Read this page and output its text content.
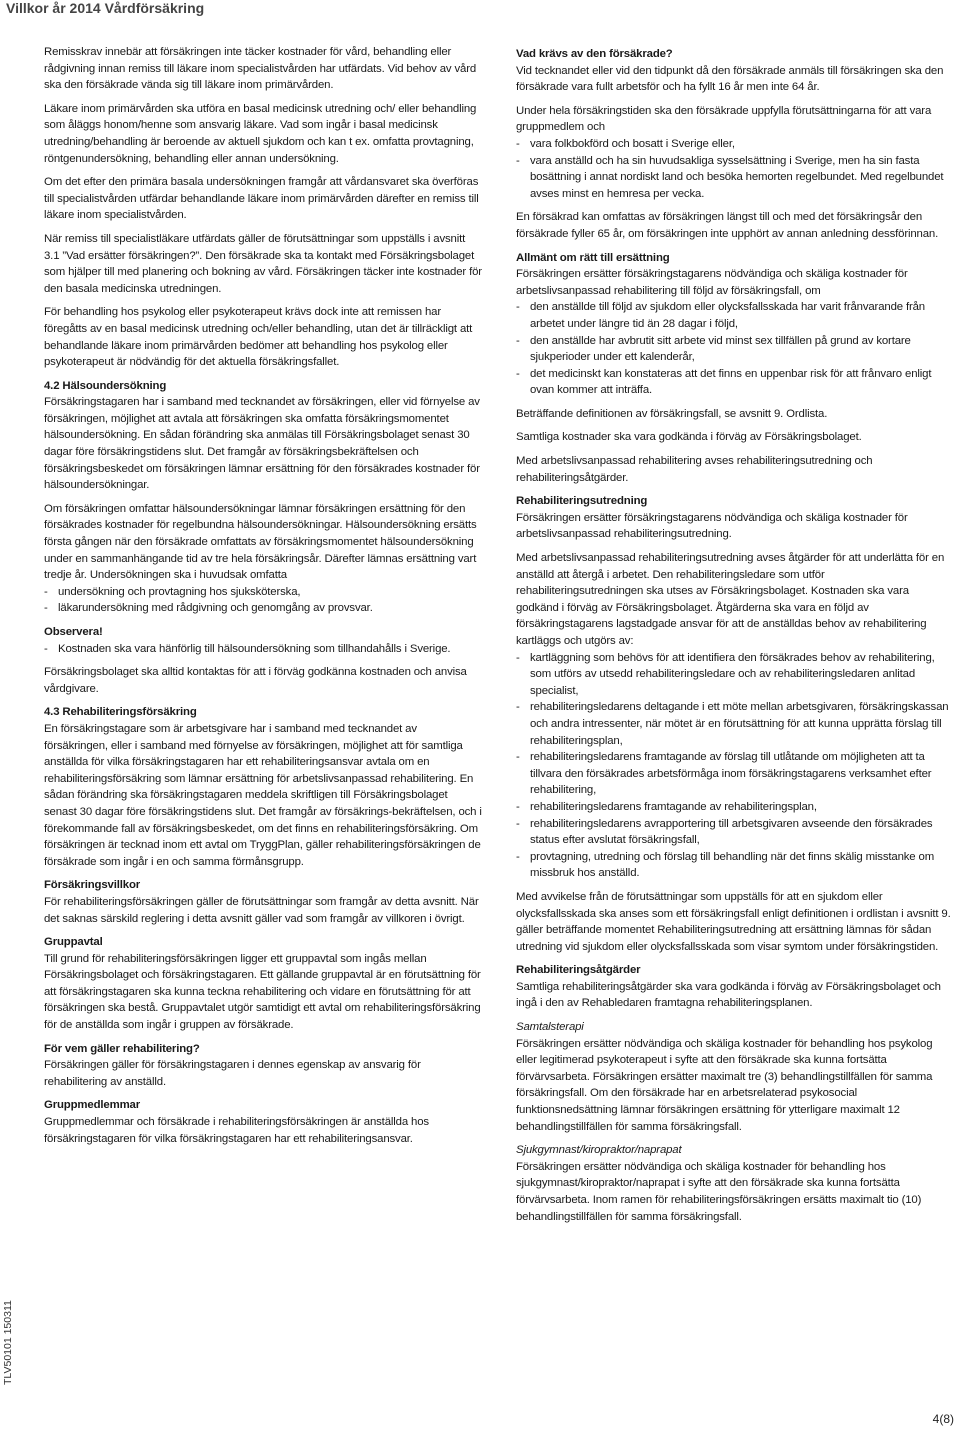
Villkor år 2014 Vårdförsäkring

Remisskrav innebär att försäkringen inte täcker kostnader för vård, behandling eller rådgivning innan remiss till läkare inom specialistvården har utfärdats. Vid behov av vård ska den försäkrade vända sig till läkare inom primärvården.

Läkare inom primärvården ska utföra en basal medicinsk utredning och/ eller behandling som åläggs honom/henne som ansvarig läkare. Vad som ingår i basal medicinsk utredning/behandling är beroende av aktuell sjukdom och kan t ex. omfatta provtagning, röntgenundersökning, behandling eller annan undersökning.

Om det efter den primära basala undersökningen framgår att vårdansvaret ska överföras till specialistvården utfärdar behandlande läkare inom primärvården därefter en remiss till läkare inom specialistvården.

När remiss till specialistläkare utfärdats gäller de förutsättningar som uppställs i avsnitt 3.1 ”Vad ersätter försäkringen?”. Den försäkrade ska ta kontakt med Försäkringsbolaget som hjälper till med planering och bokning av vård. Försäkringen täcker inte kostnader för den basala medicinska utredningen.

För behandling hos psykolog eller psykoterapeut krävs dock inte att remissen har föregåtts av en basal medicinsk utredning och/eller behandling, utan det är tillräckligt att behandlande läkare inom primärvården bedömer att behandling hos psykolog eller psykoterapeut är nödvändig för det aktuella försäkringsfallet.

4.2 Hälsoundersökning

Försäkringstagaren har i samband med tecknandet av försäkringen, eller vid förnyelse av försäkringen, möjlighet att avtala att försäkringen ska omfatta försäkringsmomentet hälsoundersökning. En sådan förändring ska anmälas till Försäkringsbolaget senast 30 dagar före försäkringstidens slut. Det framgår av försäkringsbekräftelsen och försäkringsbeskedet om försäkringen lämnar ersättning för den försäkrades kostnader för hälsoundersökningar.

Om försäkringen omfattar hälsoundersökningar lämnar försäkringen ersättning för den försäkrades kostnader för regelbundna hälsoundersökningar. Hälsoundersökning ersätts första gången när den försäkrade omfattats av försäkringsmomentet hälsoundersökning under en sammanhängande tid av tre hela försäkringsår. Därefter lämnas ersättning vart tredje år. Undersökningen ska i huvudsak omfatta

- undersökning och provtagning hos sjuksköterska,

- läkarundersökning med rådgivning och genomgång av provsvar.

Observera!

- Kostnaden ska vara hänförlig till hälsoundersökning som tillhandahålls i Sverige.

Försäkringsbolaget ska alltid kontaktas för att i förväg godkänna kostnaden och anvisa vårdgivare.

4.3 Rehabiliteringsförsäkring

En försäkringstagare som är arbetsgivare har i samband med tecknandet av försäkringen, eller i samband med förnyelse av försäkringen, möjlighet att för samtliga anställda för vilka försäkringstagaren har ett rehabiliteringsansvar avtala om en rehabiliteringsförsäkring som lämnar ersättning för arbetslivsanpassad rehabilitering. En sådan förändring ska försäkringstagaren meddela skriftligen till Försäkringsbolaget senast 30 dagar före försäkringstidens slut. Det framgår av försäkrings-bekräftelsen, och i förekommande fall av försäkringsbeskedet, om det finns en rehabiliteringsförsäkring. Om försäkringen är tecknad inom ett avtal om TryggPlan, gäller rehabiliteringsförsäkringen de försäkrade som ingår i en och samma förmånsgrupp.

Försäkringsvillkor

För rehabiliteringsförsäkringen gäller de förutsättningar som framgår av detta avsnitt. När det saknas särskild reglering i detta avsnitt gäller vad som framgår av villkoren i övrigt.

Gruppavtal

Till grund för rehabiliteringsförsäkringen ligger ett gruppavtal som ingås mellan Försäkringsbolaget och försäkringstagaren. Ett gällande gruppavtal är en förutsättning för att försäkringstagaren ska kunna teckna rehabilitering och vidare en förutsättning för att försäkringen ska bestå. Gruppavtalet utgör samtidigt ett avtal om rehabiliteringsförsäkring för de anställda som ingår i gruppen av försäkrade.

För vem gäller rehabilitering?

Försäkringen gäller för försäkringstagaren i dennes egenskap av ansvarig för rehabilitering av anställd.

Gruppmedlemmar

Gruppmedlemmar och försäkrade i rehabiliteringsförsäkringen är anställda hos försäkringstagaren för vilka försäkringstagaren har ett rehabiliteringsansvar.

Vad krävs av den försäkrade?

Vid tecknandet eller vid den tidpunkt då den försäkrade anmäls till försäkringen ska den försäkrade vara fullt arbetsför och ha fyllt 16 år men inte 64 år.

Under hela försäkringstiden ska den försäkrade uppfylla förutsättningarna för att vara gruppmedlem och

- vara folkbokförd och bosatt i Sverige eller,

- vara anställd och ha sin huvudsakliga sysselsättning i Sverige, men ha sin fasta bosättning i annat nordiskt land och besöka hemorten regelbundet. Med regelbundet avses minst en hemresa per vecka.

En försäkrad kan omfattas av försäkringen längst till och med det försäkringsår den försäkrade fyller 65 år, om försäkringen inte upphört av annan anledning dessförinnan.

Allmänt om rätt till ersättning

Försäkringen ersätter försäkringstagarens nödvändiga och skäliga kostnader för arbetslivsanpassad rehabilitering till följd av försäkringsfall, om

- den anställde till följd av sjukdom eller olycksfallsskada har varit frånvarande från arbetet under längre tid än 28 dagar i följd,

- den anställde har avbrutit sitt arbete vid minst sex tillfällen på grund av kortare sjukperioder under ett kalenderår,

- det medicinskt kan konstateras att det finns en uppenbar risk för att frånvaro enligt ovan kommer att inträffa.

Beträffande definitionen av försäkringsfall, se avsnitt 9. Ordlista.

Samtliga kostnader ska vara godkända i förväg av Försäkringsbolaget.

Med arbetslivsanpassad rehabilitering avses rehabiliteringsutredning och rehabiliteringsåtgärder.

Rehabiliteringsutredning

Försäkringen ersätter försäkringstagarens nödvändiga och skäliga kostnader för arbetslivsanpassad rehabiliteringsutredning.

Med arbetslivsanpassad rehabiliteringsutredning avses åtgärder för att underlätta för en anställd att återgå i arbetet. Den rehabiliteringsledare som utför rehabiliteringsutredningen ska utses av Försäkringsbolaget. Kostnaden ska vara godkänd i förväg av Försäkringsbolaget. Åtgärderna ska vara en följd av försäkringstagarens lagstadgade ansvar för att de anställdas behov av rehabilitering kartläggs och utgörs av:

- kartläggning som behövs för att identifiera den försäkrades behov av rehabilitering, som utförs av utsedd rehabiliteringsledare och av rehabiliteringsledaren anlitad specialist,

- rehabiliteringsledarens deltagande i ett möte mellan arbetsgivaren, försäkringskassan och andra intressenter, när mötet är en förutsättning för att kunna upprätta förslag till rehabiliteringsplan,

- rehabiliteringsledarens framtagande av förslag till utlåtande om möjligheten att ta tillvara den försäkrades arbetsförmåga inom försäkringstagarens verksamhet efter rehabilitering,

- rehabiliteringsledarens framtagande av rehabiliteringsplan,

- rehabiliteringsledarens avrapportering till arbetsgivaren avseende den försäkrades status efter avslutat försäkringsfall,

- provtagning, utredning och förslag till behandling när det finns skälig misstanke om missbruk hos anställd.

Med avvikelse från de förutsättningar som uppställs för att en sjukdom eller olycksfallsskada ska anses som ett försäkringsfall enligt definitionen i ordlistan i avsnitt 9. gäller beträffande momentet Rehabiliteringsutredning att ersättning lämnas för sådan utredning vid sjukdom eller olycksfallsskada som visar symtom under försäkringstiden.

Rehabiliteringsåtgärder

Samtliga rehabiliteringsåtgärder ska vara godkända i förväg av Försäkringsbolaget och ingå i den av Rehabledaren framtagna rehabiliteringsplanen.

Samtalsterapi

Försäkringen ersätter nödvändiga och skäliga kostnader för behandling hos psykolog eller legitimerad psykoterapeut i syfte att den försäkrade ska kunna fortsätta förvärvsarbeta. Försäkringen ersätter maximalt tre (3) behandlingstillfällen för samma försäkringsfall. Om den försäkrade har en arbetsrelaterad psykosocial funktionsnedsättning lämnar försäkringen ersättning för ytterligare maximalt 12 behandlingstillfällen för samma försäkringsfall.

Sjukgymnast/kiropraktor/naprapat

Försäkringen ersätter nödvändiga och skäliga kostnader för behandling hos sjukgymnast/kiropraktor/naprapat i syfte att den försäkrade ska kunna fortsätta förvärvsarbeta. Inom ramen för rehabiliteringsförsäkringen ersätts maximalt tio (10) behandlingstillfällen för samma försäkringsfall.

TLV50101 150311
4(8)
